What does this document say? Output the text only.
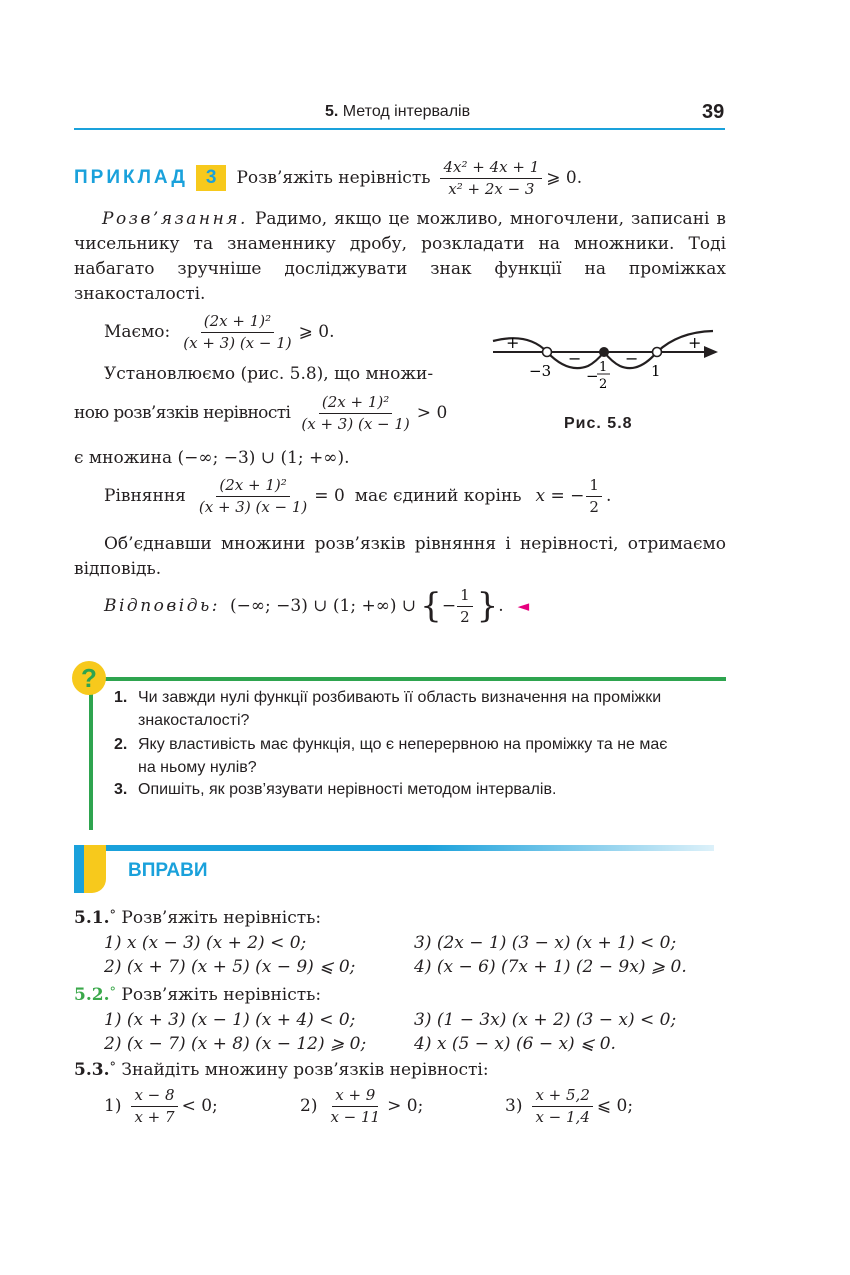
5. Метод інтервалів	39
ПРИКЛАД 3	Розв’яжіть нерівність $\frac{\text{4x² + 4x + 1}}{\text{x² + 2x − 3}}$ ⩾ 0.
Розв’язання. Радимо, якщо це можливо, многочлени, записані в чисельнику та знаменнику дробу, розкладати на множники. Тоді набагато зручніше досліджувати знак функції на проміжках знакосталості.
Маємо: $\frac{\text{(2x + 1)²}}{(x + 3) (x - 1)}$ ⩾ 0.
Установлюємо (рис. 5.8), що множи-
ною розв’язків нерівності $\frac{\text{(2x + 1)²}}{(x + 3) (x - 1)} > 0$
є множина (−∞; −3) ∪ (1; +∞).
+	+
−	−
−3 − 1
2
1
Рис. 5.8
Рівняння $\frac{\text{(2x + 1)²}}{(x + 3) (x - 1)} = 0$ має єдиний корінь x = − $\frac{1}{2}$ .
Об’єднавши множини розв’язків рівняння і нерівності, отримаємо відповідь.
Відповідь: (−∞; −3) ∪ (1; +∞) ∪ { − $\frac{1}{2}$ } . ◄
?
1. Чи завжди нулі функції розбивають її область визначення на проміжки
знакосталості?
2. Яку властивість має функція, що є неперервною на проміжку та не має
на ньому нулів?
3. Опишіть, як розв’язувати нерівності методом інтервалів.
ВПРАВИ
5.1.° Розв’яжіть нерівність:
1) x (x − 3) (x + 2) < 0;	3) (2x − 1) (3 − x) (x + 1) < 0;
2) (x + 7) (x + 5) (x − 9) ⩽ 0;	4) (x − 6) (7x + 1) (2 − 9x) ⩾ 0.
5.2.° Розв’яжіть нерівність:
1) (x + 3) (x − 1) (x + 4) < 0;	3) (1 − 3x) (x + 2) (3 − x) < 0;
2) (x − 7) (x + 8) (x − 12) ⩾ 0;	4) x (5 − x) (6 − x) ⩽ 0.
5.3.° Знайдіть множину розв’язків нерівності:
$1) \frac{x - 8}{x + 7} < 0$;	$2) \frac{x + 9}{x - 11} > 0$;	$3) \frac{x + 5,2}{x - 1,4}$ ⩽ 0;
